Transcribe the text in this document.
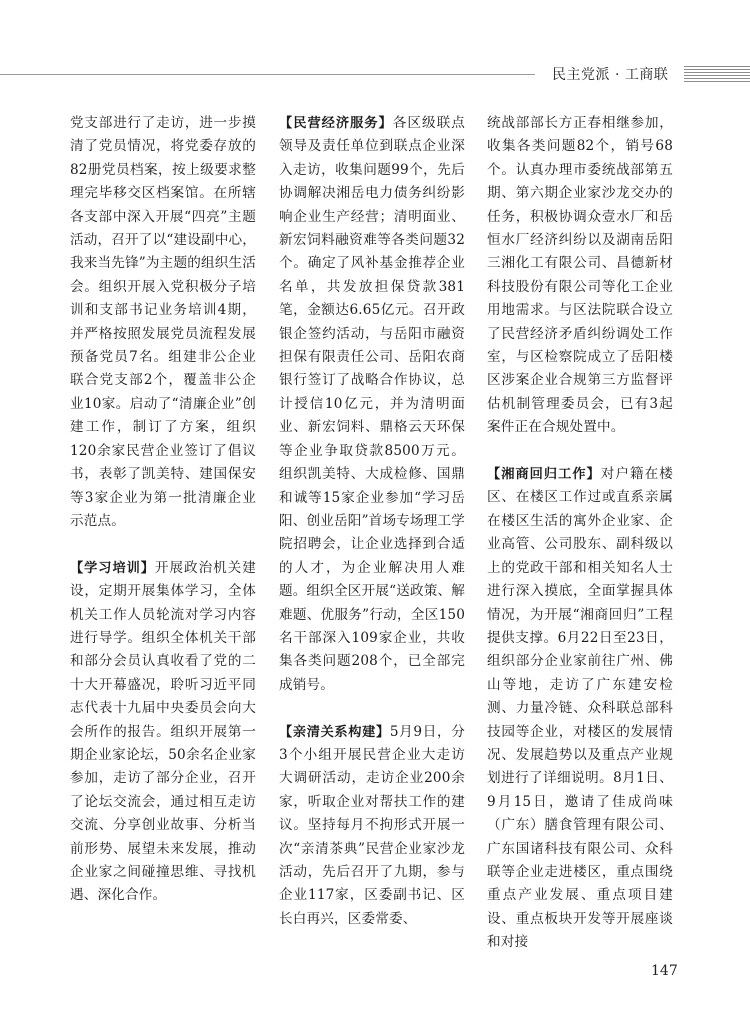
民主党派 · 工商联

党支部进行了走访，进一步摸清了党员情况，将党委存放的82册党员档案，按上级要求整理完毕移交区档案馆。在所辖各支部中深入开展“四亮”主题活动，召开了以“建设副中心，我来当先锋”为主题的组织生活会。组织开展入党积极分子培训和支部书记业务培训4期，并严格按照发展党员流程发展预备党员7名。组建非公企业联合党支部2个，覆盖非公企业10家。启动了“清廉企业”创建工作，制订了方案，组织120余家民营企业签订了倡议书，表彰了凯美特、建国保安等3家企业为第一批清廉企业示范点。

【学习培训】开展政治机关建设，定期开展集体学习，全体机关工作人员轮流对学习内容进行导学。组织全体机关干部和部分会员认真收看了党的二十大开幕盛况，聆听习近平同志代表十九届中央委员会向大会所作的报告。组织开展第一期企业家论坛，50余名企业家参加，走访了部分企业，召开了论坛交流会，通过相互走访交流、分享创业故事、分析当前形势、展望未来发展，推动企业家之间碰撞思维、寻找机遇、深化合作。

【民营经济服务】各区级联点领导及责任单位到联点企业深入走访，收集问题99个，先后协调解决湘岳电力债务纠纷影响企业生产经营；清明面业、新宏饲料融资难等各类问题32个。确定了风补基金推荐企业名单，共发放担保贷款381笔，金额达6.65亿元。召开政银企签约活动，与岳阳市融资担保有限责任公司、岳阳农商银行签订了战略合作协议，总计授信10亿元，并为清明面业、新宏饲料、鼎格云天环保等企业争取贷款8500万元。组织凯美特、大成检修、国鼎和诚等15家企业参加“学习岳阳、创业岳阳”首场专场理工学院招聘会，让企业选择到合适的人才，为企业解决用人难题。组织全区开展“送政策、解难题、优服务”行动，全区150名干部深入109家企业，共收集各类问题208个，已全部完成销号。

【亲清关系构建】5月9日，分3个小组开展民营企业大走访大调研活动，走访企业200余家，听取企业对帮扶工作的建议。坚持每月不拘形式开展一次“亲清茶典”民营企业家沙龙活动，先后召开了九期，参与企业117家，区委副书记、区长白再兴，区委常委、

统战部部长方正春相继参加，收集各类问题82个，销号68个。认真办理市委统战部第五期、第六期企业家沙龙交办的任务，积极协调众壹水厂和岳恒水厂经济纠纷以及湖南岳阳三湘化工有限公司、昌德新材科技股份有限公司等化工企业用地需求。与区法院联合设立了民营经济矛盾纠纷调处工作室，与区检察院成立了岳阳楼区涉案企业合规第三方监督评估机制管理委员会，已有3起案件正在合规处置中。

【湘商回归工作】对户籍在楼区、在楼区工作过或直系亲属在楼区生活的寓外企业家、企业高管、公司股东、副科级以上的党政干部和相关知名人士进行深入摸底，全面掌握具体情况，为开展“湘商回归”工程提供支撑。6月22日至23日，组织部分企业家前往广州、佛山等地，走访了广东建安检测、力量冷链、众科联总部科技园等企业，对楼区的发展情况、发展趋势以及重点产业规划进行了详细说明。8月1日、9月15日，邀请了佳成尚味（广东）膳食管理有限公司、广东国诸科技有限公司、众科联等企业走进楼区，重点围绕重点产业发展、重点项目建设、重点板块开发等开展座谈和对接

147
